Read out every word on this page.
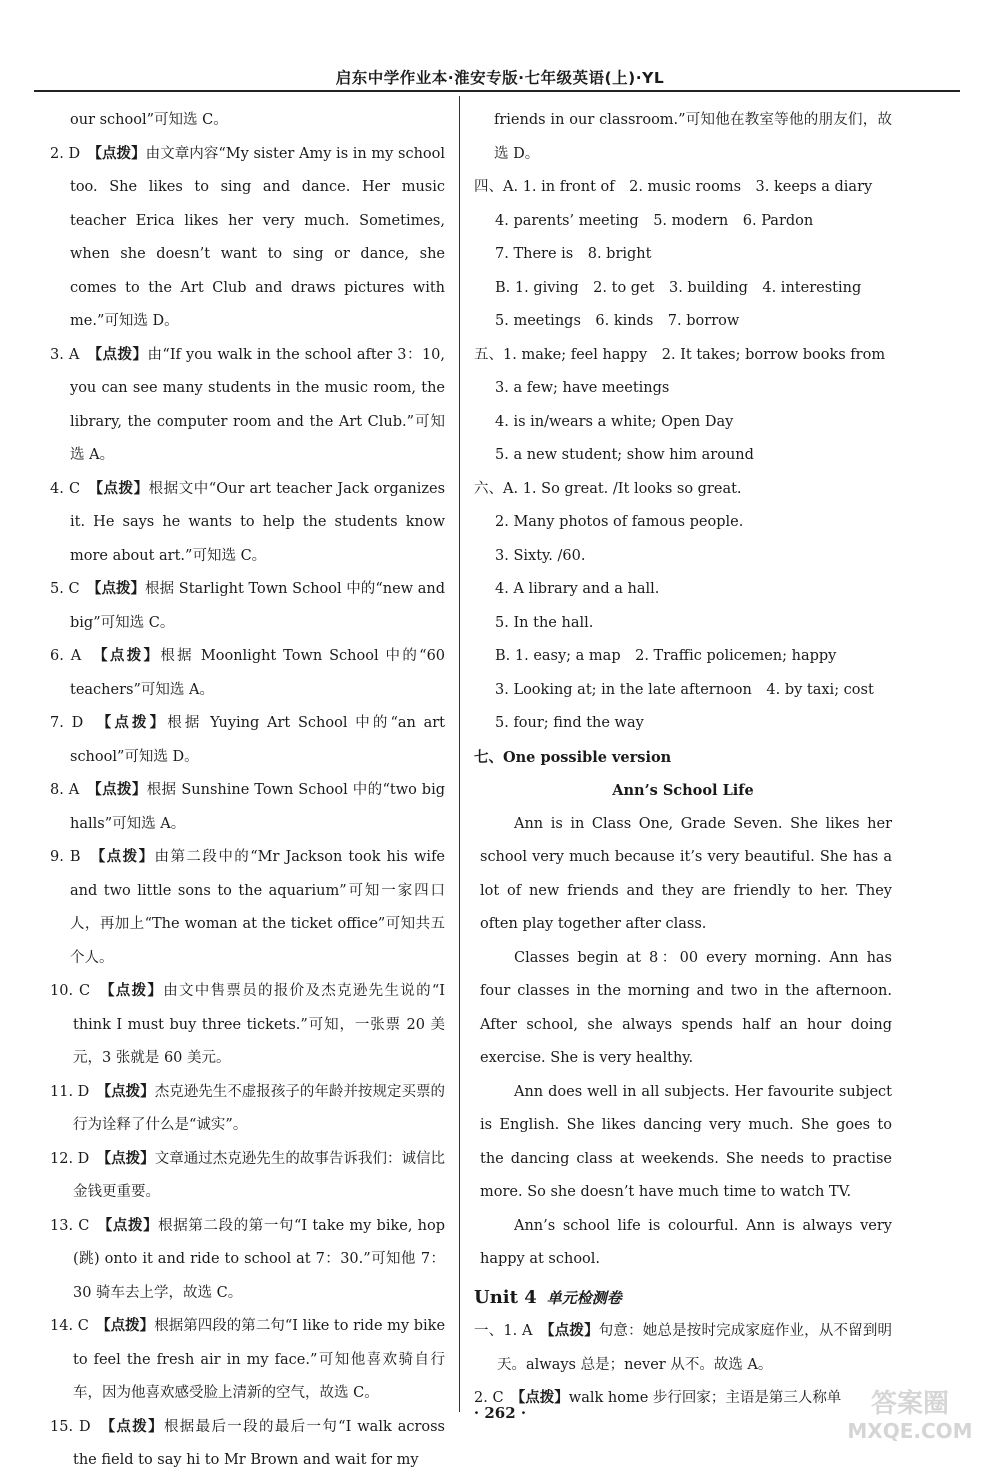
启东中学作业本·淮安专版·七年级英语(上)·YL

our school”可知选 C。

2. D　 【点拨】由文章内容“My sister Amy is in my school too. She likes to sing and dance. Her music teacher Erica likes her very much. Sometimes, when she doesn’t want to sing or dance, she comes to the Art Club and draws pictures with me.”可知选 D。

3. A　 【点拨】由“If you walk in the school after 3：10, you can see many students in the music room, the library, the computer room and the Art Club.”可知选 A。

4. C　 【点拨】根据文中“Our art teacher Jack organizes it. He says he wants to help the students know more about art.”可知选 C。

5. C　 【点拨】根据 Starlight Town School 中的“new and big”可知选 C。

6. A　 【点拨】根据 Moonlight Town School 中的“60 teachers”可知选 A。

7. D　 【点拨】根据 Yuying Art School 中的“an art school”可知选 D。

8. A　 【点拨】根据 Sunshine Town School 中的“two big halls”可知选 A。

9. B　 【点拨】由第二段中的“Mr Jackson took his wife and two little sons to the aquarium”可知一家四口人，再加上“The woman at the ticket office”可知共五个人。

10. C　 【点拨】由文中售票员的报价及杰克逊先生说的“I think I must buy three tickets.”可知，一张票 20 美元，3 张就是 60 美元。

11. D　 【点拨】杰克逊先生不虚报孩子的年龄并按规定买票的行为诠释了什么是“诚实”。

12. D　 【点拨】文章通过杰克逊先生的故事告诉我们：诚信比金钱更重要。

13. C　 【点拨】根据第二段的第一句“I take my bike, hop (跳) onto it and ride to school at 7：30.”可知他 7：30 骑车去上学，故选 C。

14. C　 【点拨】根据第四段的第二句“I like to ride my bike to feel the fresh air in my face.”可知他喜欢骑自行车，因为他喜欢感受脸上清新的空气，故选 C。

15. D　 【点拨】根据最后一段的最后一句“I walk across the field to say hi to Mr Brown and wait for my

friends in our classroom.”可知他在教室等他的朋友们，故选 D。

四、A. 1. in front of　2. music rooms　3. keeps a diary

4. parents’ meeting　5. modern　6. Pardon

7. There is　8. bright

B. 1. giving　2. to get　3. building　4. interesting

5. meetings　6. kinds　7. borrow

五、1. make; feel happy　2. It takes; borrow books from

3. a few; have meetings

4. is in/wears a white; Open Day

5. a new student; show him around

六、A. 1. So great. /It looks so great.

2. Many photos of famous people.

3. Sixty. /60.

4. A library and a hall.

5. In the hall.

B. 1. easy; a map　2. Traffic policemen; happy

3. Looking at; in the late afternoon　4. by taxi; cost

5. four; find the way

七、One possible version

Ann’s School Life

Ann is in Class One, Grade Seven. She likes her school very much because it’s very beautiful. She has a lot of new friends and they are friendly to her. They often play together after class.

Classes begin at 8：00 every morning. Ann has four classes in the morning and two in the afternoon. After school, she always spends half an hour doing exercise. She is very healthy.

Ann does well in all subjects. Her favourite subject is English. She likes dancing very much. She goes to the dancing class at weekends. She needs to practise more. So she doesn’t have much time to watch TV.

Ann’s school life is colourful. Ann is always very happy at school.

Unit 4 单元检测卷

一、1. A　 【点拨】句意：她总是按时完成家庭作业，从不留到明天。always 总是；never 从不。故选 A。

2. C　 【点拨】walk home 步行回家；主语是第三人称单

· 262 ·	答案圈
MXQE.COM
